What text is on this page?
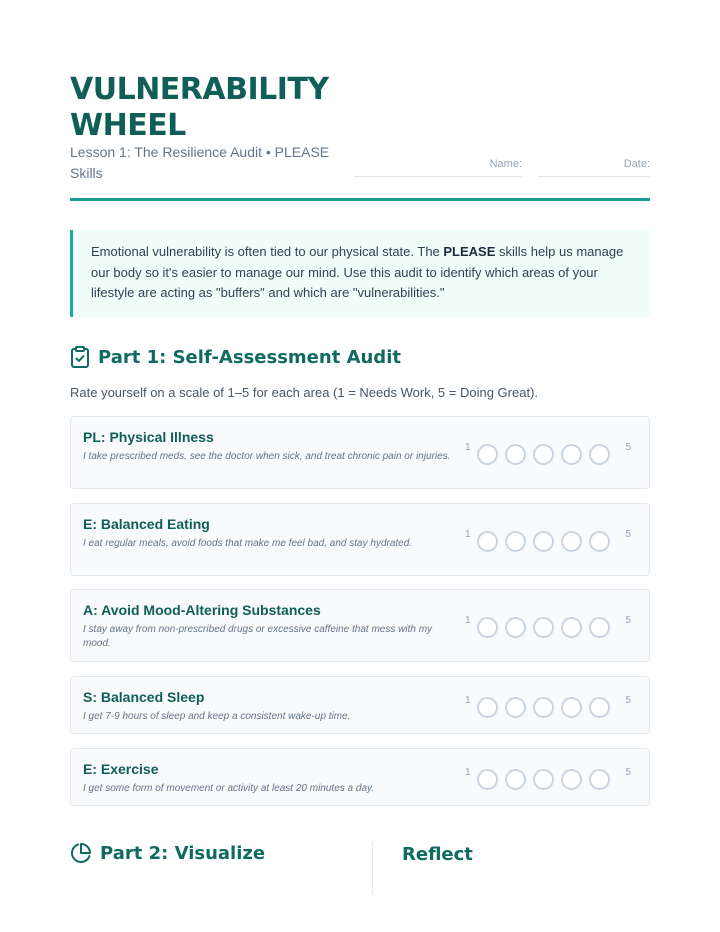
VULNERABILITY WHEEL
Lesson 1: The Resilience Audit • PLEASE Skills
Name:	Date:
Emotional vulnerability is often tied to our physical state. The PLEASE skills help us manage our body so it's easier to manage our mind. Use this audit to identify which areas of your lifestyle are acting as "buffers" and which are "vulnerabilities."
Part 1: Self-Assessment Audit
Rate yourself on a scale of 1–5 for each area (1 = Needs Work, 5 = Doing Great).
PL: Physical Illness
I take prescribed meds, see the doctor when sick, and treat chronic pain or injuries.
1	5
E: Balanced Eating
I eat regular meals, avoid foods that make me feel bad, and stay hydrated.
1	5
A: Avoid Mood-Altering Substances
I stay away from non-prescribed drugs or excessive caffeine that mess with my mood.
1	5
S: Balanced Sleep
I get 7-9 hours of sleep and keep a consistent wake-up time.
1	5
E: Exercise
I get some form of movement or activity at least 20 minutes a day.
1	5
Part 2: Visualize	Reflect
